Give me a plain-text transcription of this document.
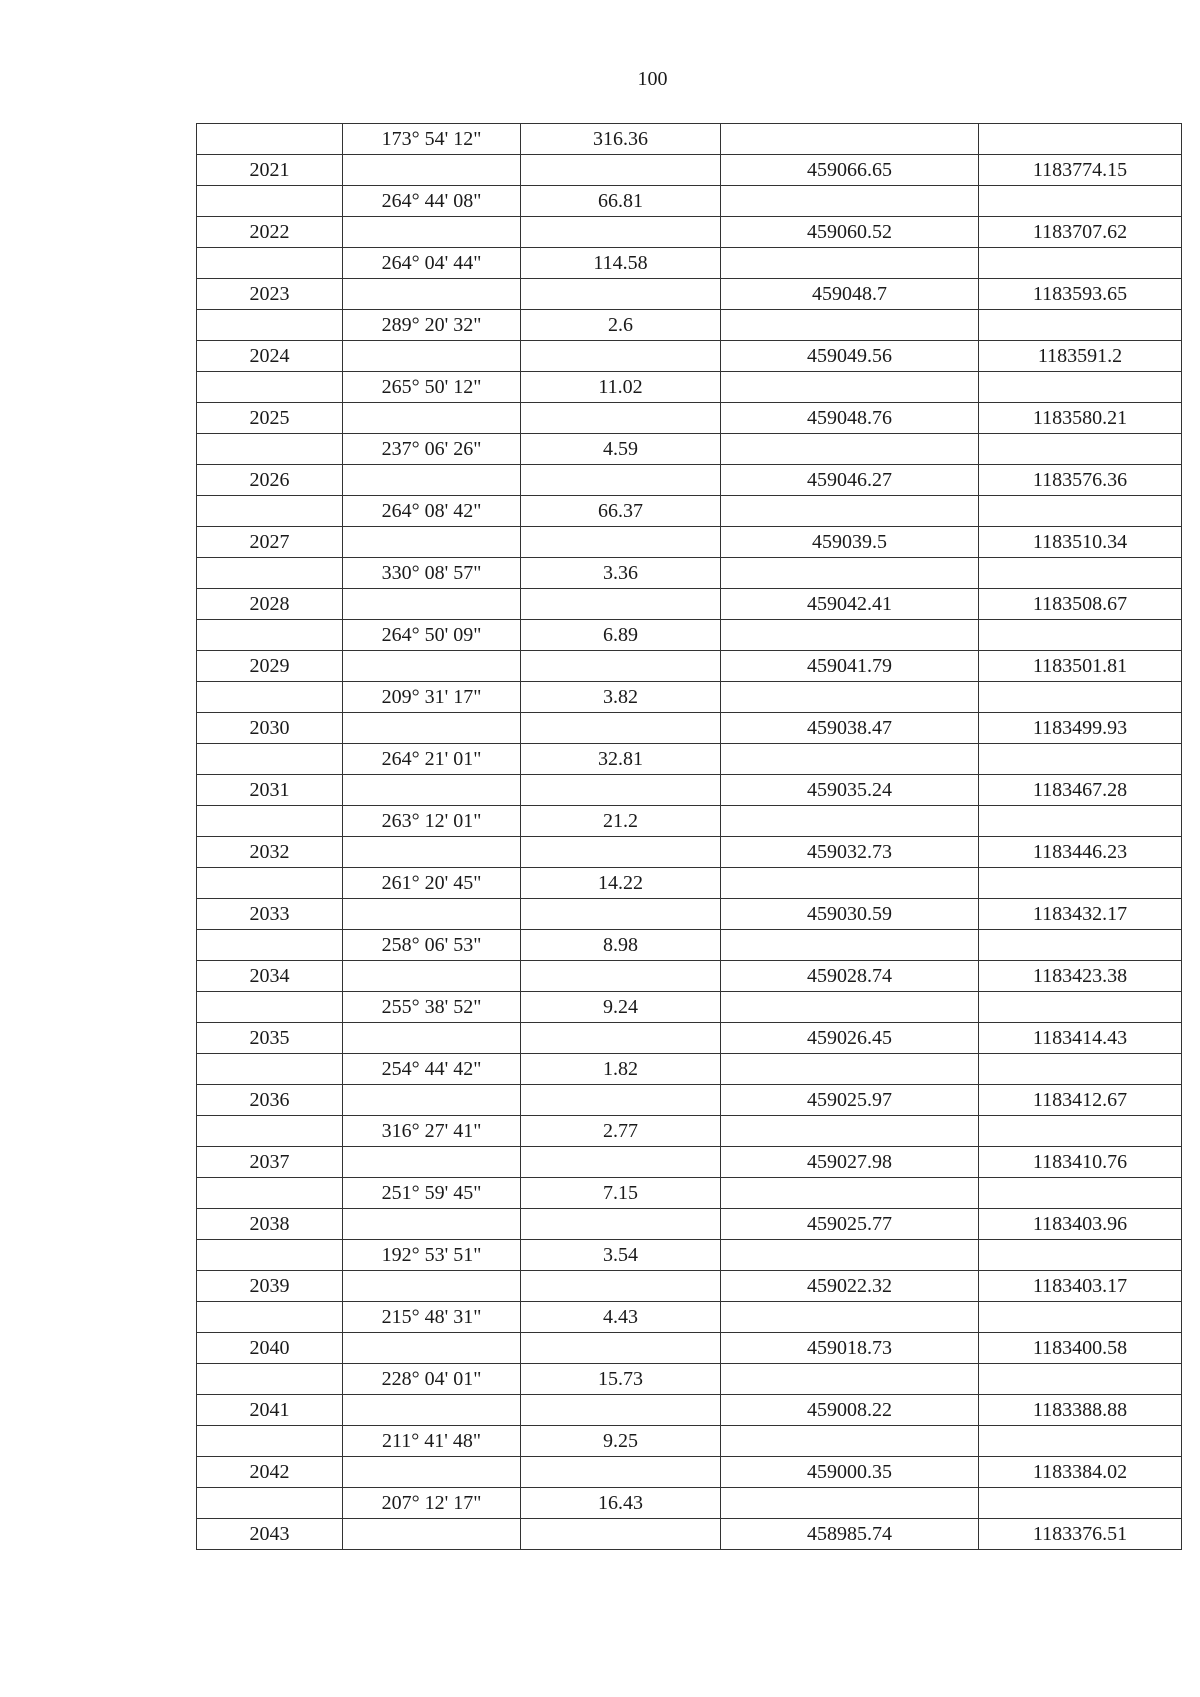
100
	173° 54' 12"	316.36		
2021			459066.65	1183774.15
	264° 44' 08"	66.81		
2022			459060.52	1183707.62
	264° 04' 44"	114.58		
2023			459048.7	1183593.65
	289° 20' 32"	2.6		
2024			459049.56	1183591.2
	265° 50' 12"	11.02		
2025			459048.76	1183580.21
	237° 06' 26"	4.59		
2026			459046.27	1183576.36
	264° 08' 42"	66.37		
2027			459039.5	1183510.34
	330° 08' 57"	3.36		
2028			459042.41	1183508.67
	264° 50' 09"	6.89		
2029			459041.79	1183501.81
	209° 31' 17"	3.82		
2030			459038.47	1183499.93
	264° 21' 01"	32.81		
2031			459035.24	1183467.28
	263° 12' 01"	21.2		
2032			459032.73	1183446.23
	261° 20' 45"	14.22		
2033			459030.59	1183432.17
	258° 06' 53"	8.98		
2034			459028.74	1183423.38
	255° 38' 52"	9.24		
2035			459026.45	1183414.43
	254° 44' 42"	1.82		
2036			459025.97	1183412.67
	316° 27' 41"	2.77		
2037			459027.98	1183410.76
	251° 59' 45"	7.15		
2038			459025.77	1183403.96
	192° 53' 51"	3.54		
2039			459022.32	1183403.17
	215° 48' 31"	4.43		
2040			459018.73	1183400.58
	228° 04' 01"	15.73		
2041			459008.22	1183388.88
	211° 41' 48"	9.25		
2042			459000.35	1183384.02
	207° 12' 17"	16.43		
2043			458985.74	1183376.51
